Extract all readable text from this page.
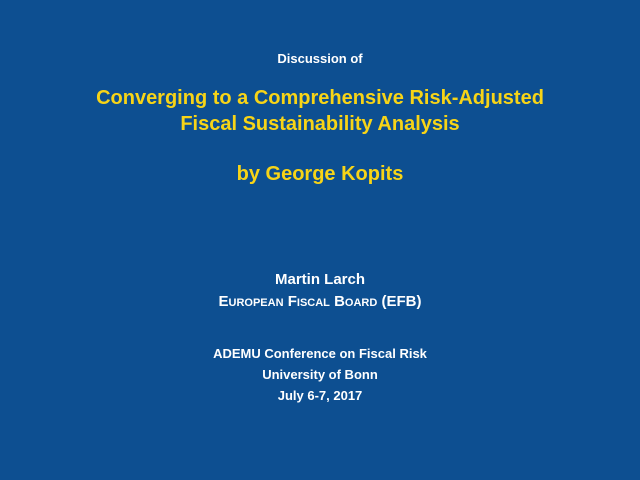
Discussion of
Converging to a Comprehensive Risk-Adjusted
Fiscal Sustainability Analysis
by George Kopits
Martin Larch
EUROPEAN FISCAL BOARD (EFB)
ADEMU Conference on Fiscal Risk
University of Bonn
July 6-7, 2017
